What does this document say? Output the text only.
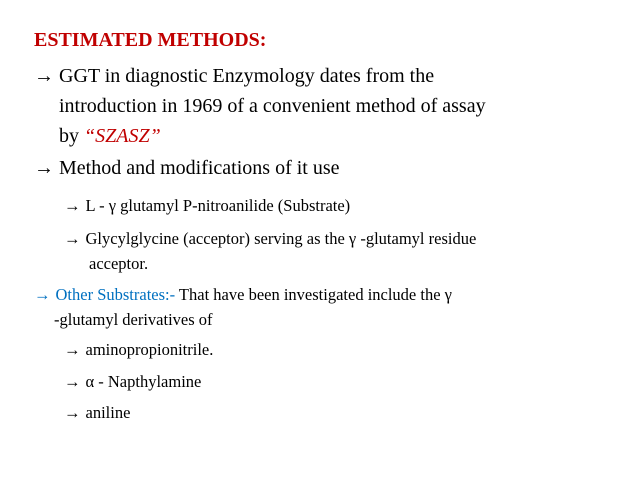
ESTIMATED METHODS:
→ GGT in diagnostic Enzymology dates from the
introduction in 1969 of a convenient method of assay
by “SZASZ”
→ Method and modifications of it use
→ L - γ glutamyl P-nitroanilide (Substrate)
→ Glycylglycine (acceptor) serving as the γ -glutamyl residue
acceptor.
→ Other Substrates:- That have been investigated include the γ
-glutamyl derivatives of
→ aminopropionitrile.
→ α - Napthylamine
→ aniline
